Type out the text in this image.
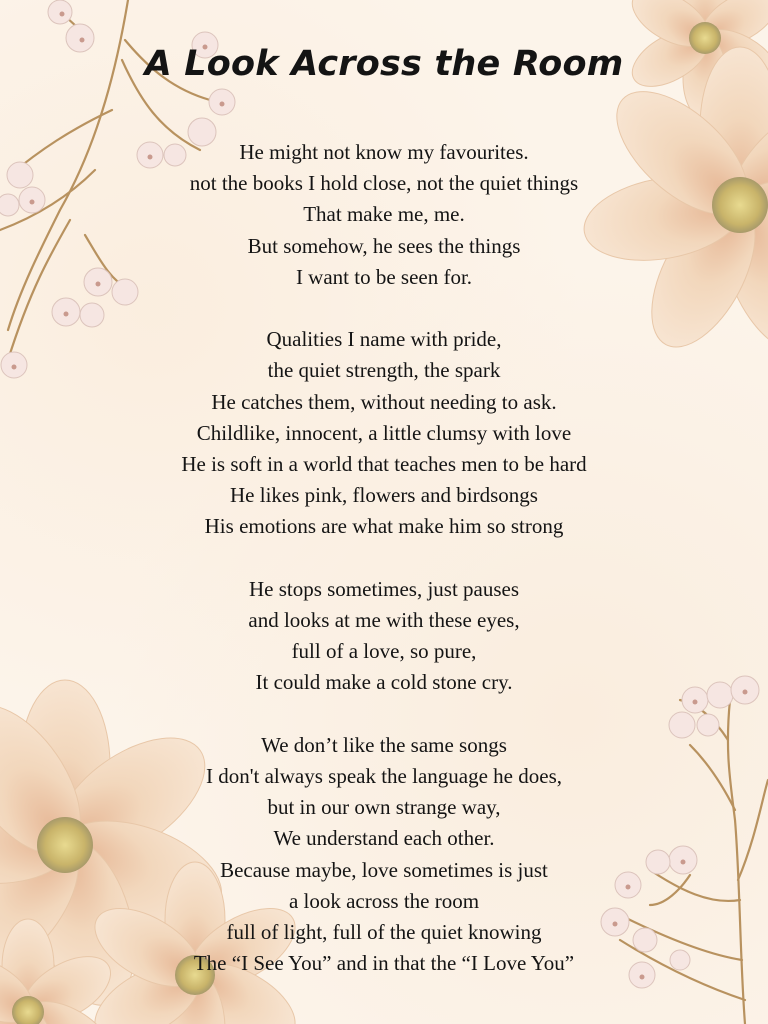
A Look Across the Room

He might not know my favourites.
not the books I hold close, not the quiet things
That make me, me.
But somehow, he sees the things
I want to be seen for.

Qualities I name with pride,
the quiet strength, the spark
He catches them, without needing to ask.
Childlike, innocent, a little clumsy with love
He is soft in a world that teaches men to be hard
He likes pink, flowers and birdsongs
His emotions are what make him so strong

He stops sometimes, just pauses
and looks at me with these eyes,
full of a love, so pure,
It could make a cold stone cry.

We don’t like the same songs
I don't always speak the language he does,
but in our own strange way,
We understand each other.
Because maybe, love sometimes is just
a look across the room
full of light, full of the quiet knowing
The “I See You” and in that the “I Love You”
